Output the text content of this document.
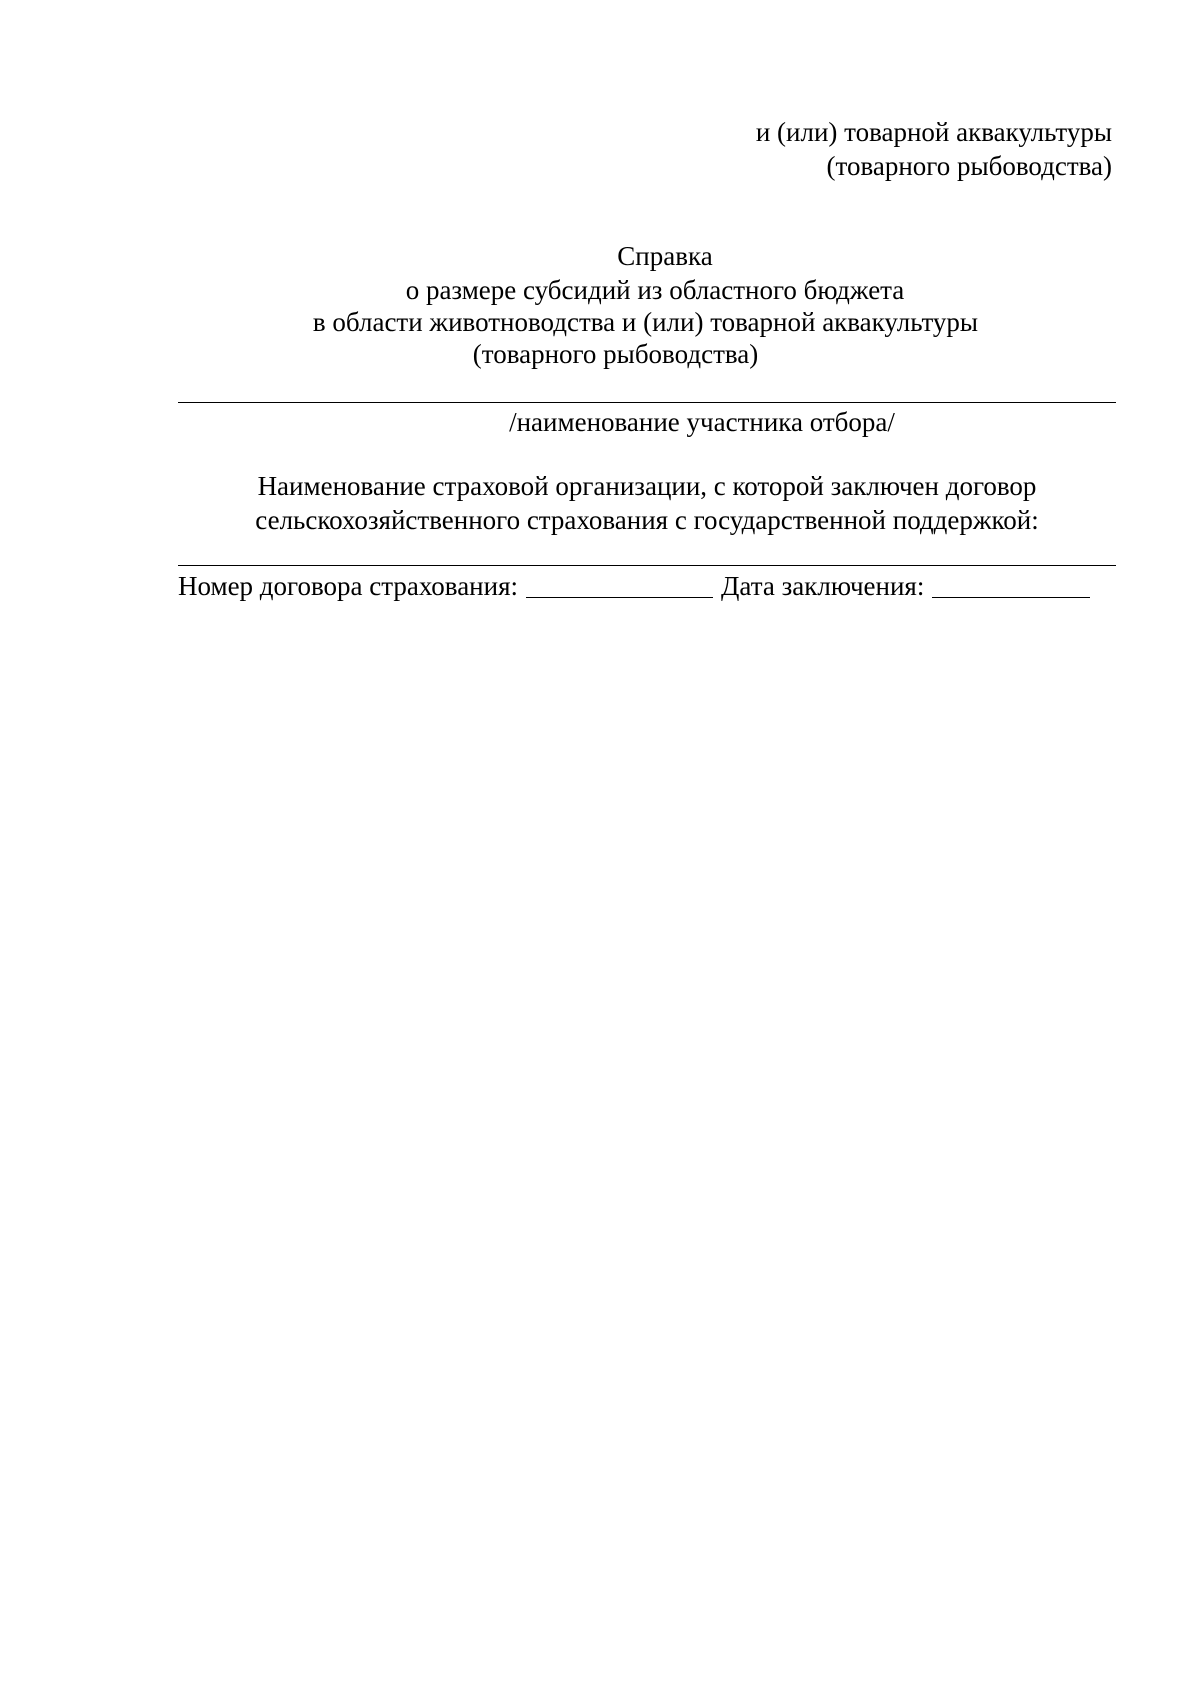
и (или) товарной аквакультуры
(товарного рыбоводства)
Справка
о размере субсидий из областного бюджета
в области животноводства и (или) товарной аквакультуры
(товарного рыбоводства)
/наименование участника отбора/
Наименование страховой организации, с которой заключен договор
сельскохозяйственного страхования с государственной поддержкой:
Номер договора страхования:	Дата заключения:
